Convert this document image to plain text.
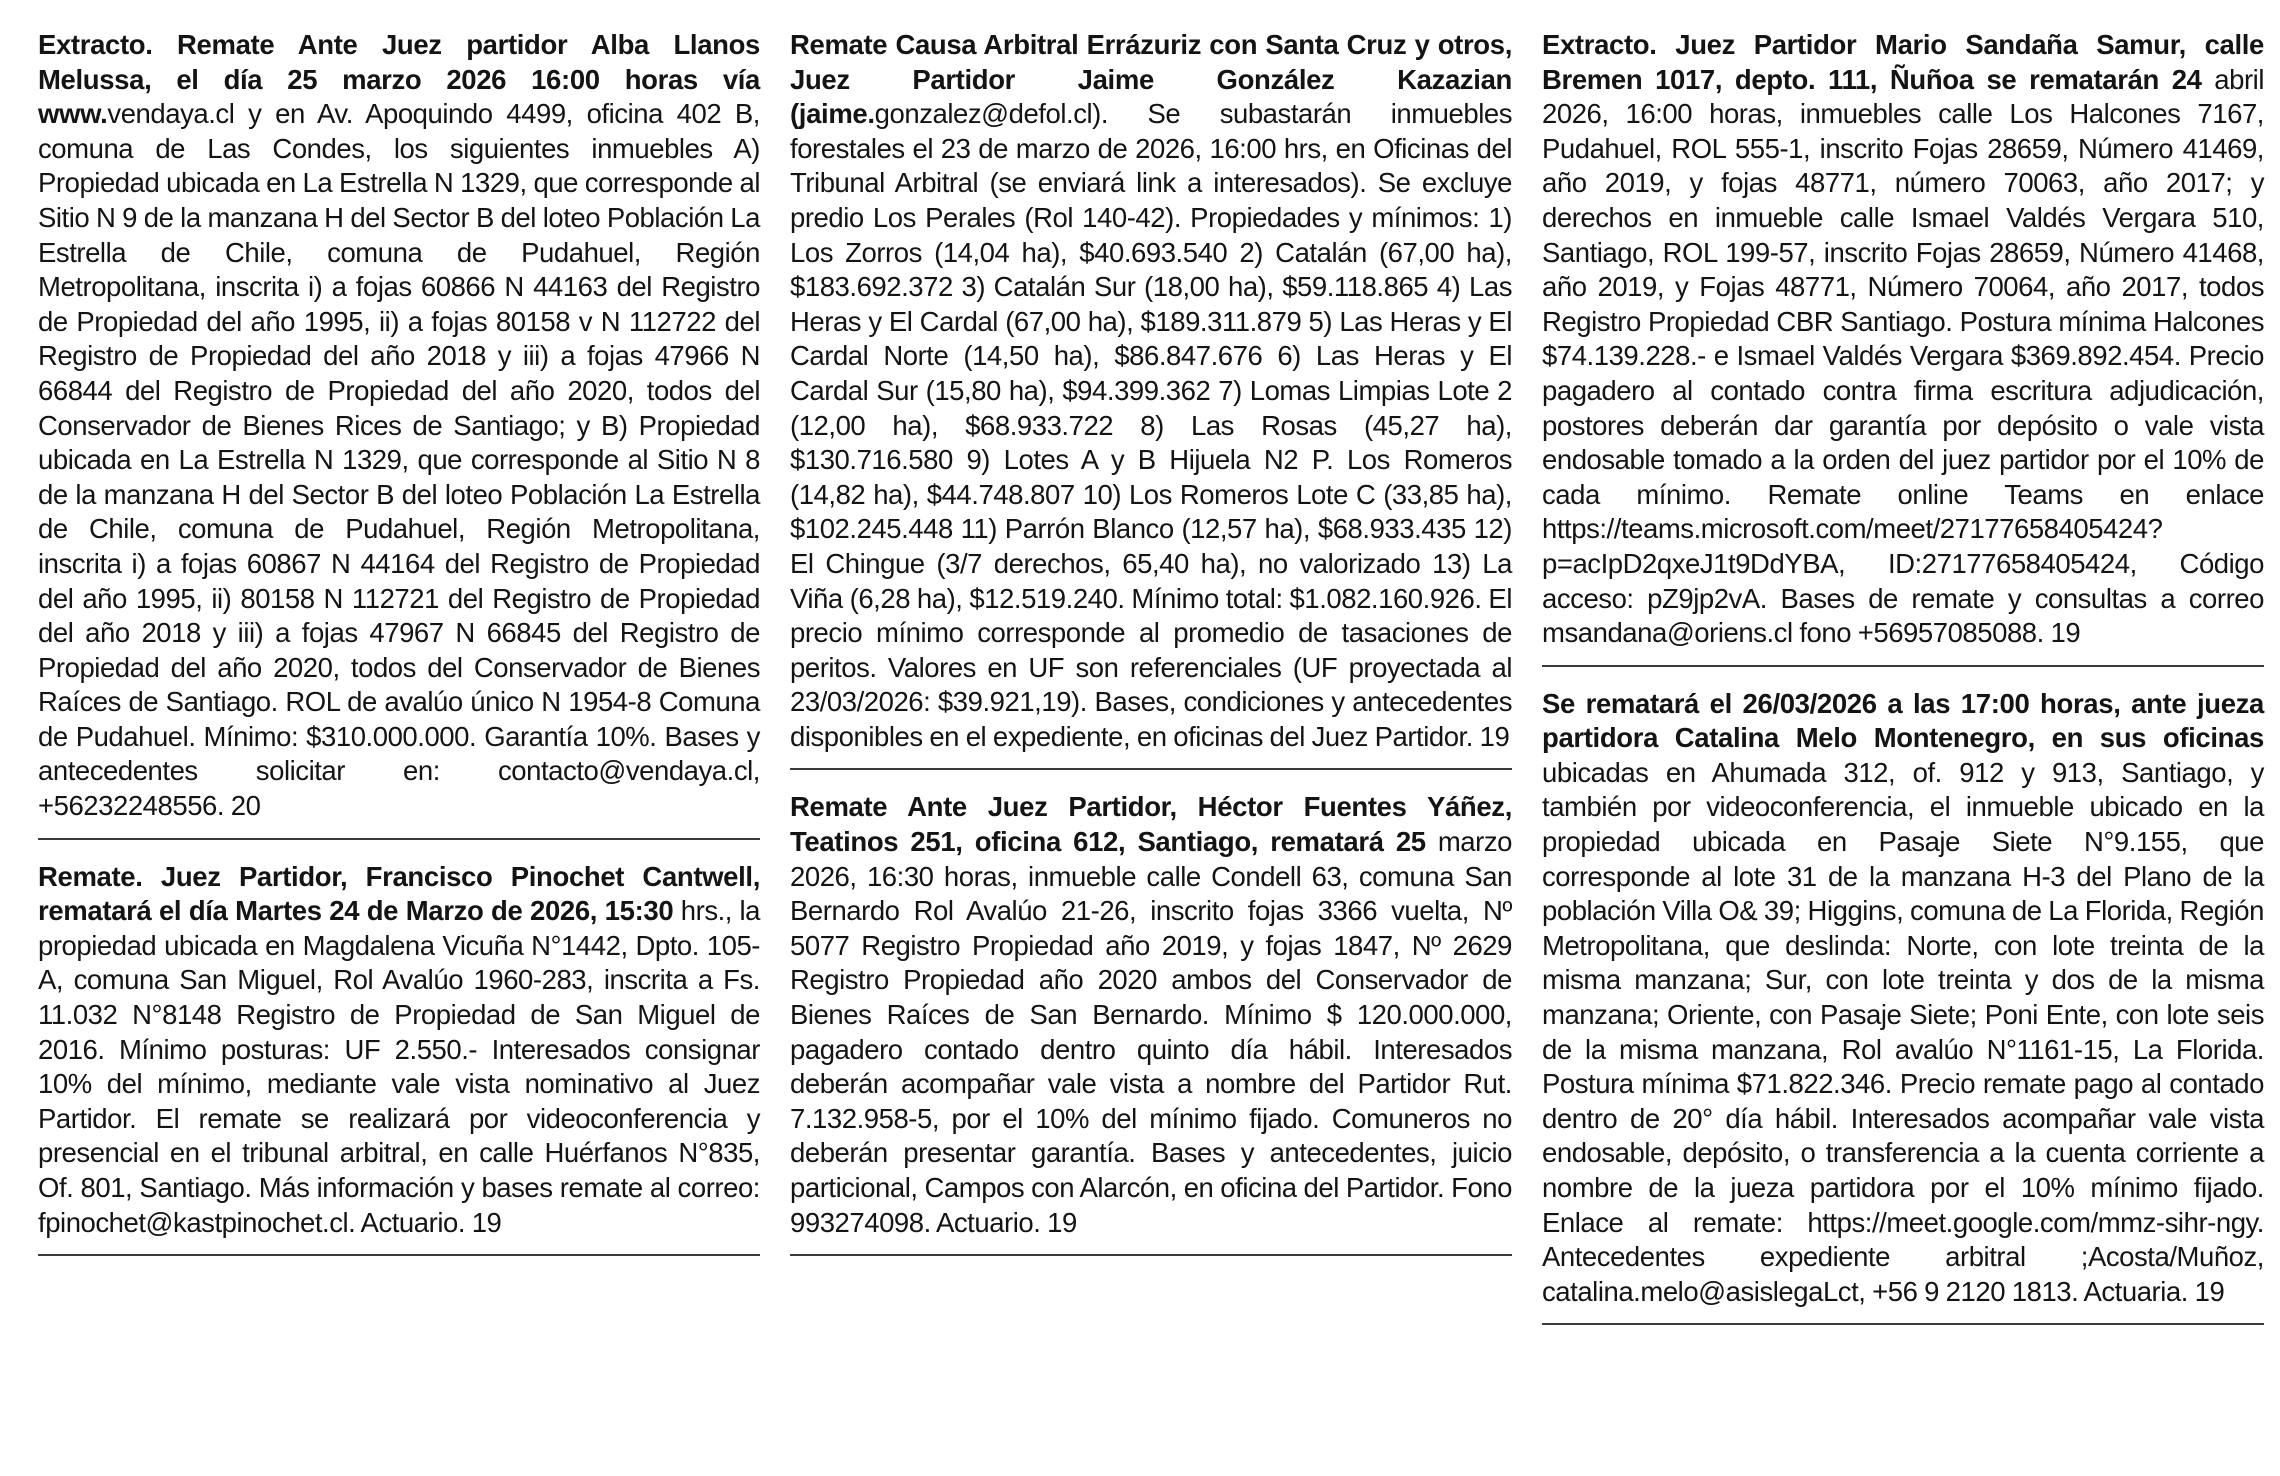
Extracto. Remate Ante Juez partidor Alba Llanos Melussa, el día 25 marzo 2026 16:00 horas vía www.vendaya.cl y en Av. Apoquindo 4499, oficina 402 B, comuna de Las Condes, los siguientes inmuebles A) Propiedad ubicada en La Estrella N 1329, que corresponde al Sitio N 9 de la manzana H del Sector B del loteo Población La Estrella de Chile, comuna de Pudahuel, Región Metropolitana, inscrita i) a fojas 60866 N 44163 del Registro de Propiedad del año 1995, ii) a fojas 80158 v N 112722 del Registro de Propiedad del año 2018 y iii) a fojas 47966 N 66844 del Registro de Propiedad del año 2020, todos del Conservador de Bienes Rices de Santiago; y B) Propiedad ubicada en La Estrella N 1329, que corresponde al Sitio N 8 de la manzana H del Sector B del loteo Población La Estrella de Chile, comuna de Pudahuel, Región Metropolitana, inscrita i) a fojas 60867 N 44164 del Registro de Propiedad del año 1995, ii) 80158 N 112721 del Registro de Propiedad del año 2018 y iii) a fojas 47967 N 66845 del Registro de Propiedad del año 2020, todos del Conservador de Bienes Raíces de Santiago. ROL de avalúo único N 1954-8 Comuna de Pudahuel. Mínimo: $310.000.000. Garantía 10%. Bases y antecedentes solicitar en: contacto@vendaya.cl, +56232248556. 20
Remate. Juez Partidor, Francisco Pinochet Cantwell, rematará el día Martes 24 de Marzo de 2026, 15:30 hrs., la propiedad ubicada en Magdalena Vicuña N°1442, Dpto. 105-A, comuna San Miguel, Rol Avalúo 1960-283, inscrita a Fs. 11.032 N°8148 Registro de Propiedad de San Miguel de 2016. Mínimo posturas: UF 2.550.- Interesados consignar 10% del mínimo, mediante vale vista nominativo al Juez Partidor. El remate se realizará por videoconferencia y presencial en el tribunal arbitral, en calle Huérfanos N°835, Of. 801, Santiago. Más información y bases remate al correo: fpinochet@kastpinochet.cl. Actuario. 19
Remate Causa Arbitral Errázuriz con Santa Cruz y otros, Juez Partidor Jaime González Kazazian (jaime.gonzalez@defol.cl). Se subastarán inmuebles forestales el 23 de marzo de 2026, 16:00 hrs, en Oficinas del Tribunal Arbitral (se enviará link a interesados). Se excluye predio Los Perales (Rol 140-42). Propiedades y mínimos: 1) Los Zorros (14,04 ha), $40.693.540 2) Catalán (67,00 ha), $183.692.372 3) Catalán Sur (18,00 ha), $59.118.865 4) Las Heras y El Cardal (67,00 ha), $189.311.879 5) Las Heras y El Cardal Norte (14,50 ha), $86.847.676 6) Las Heras y El Cardal Sur (15,80 ha), $94.399.362 7) Lomas Limpias Lote 2 (12,00 ha), $68.933.722 8) Las Rosas (45,27 ha), $130.716.580 9) Lotes A y B Hijuela N2 P. Los Romeros (14,82 ha), $44.748.807 10) Los Romeros Lote C (33,85 ha), $102.245.448 11) Parrón Blanco (12,57 ha), $68.933.435 12) El Chingue (3/7 derechos, 65,40 ha), no valorizado 13) La Viña (6,28 ha), $12.519.240. Mínimo total: $1.082.160.926. El precio mínimo corresponde al promedio de tasaciones de peritos. Valores en UF son referenciales (UF proyectada al 23/03/2026: $39.921,19). Bases, condiciones y antecedentes disponibles en el expediente, en oficinas del Juez Partidor. 19
Remate Ante Juez Partidor, Héctor Fuentes Yáñez, Teatinos 251, oficina 612, Santiago, rematará 25 marzo 2026, 16:30 horas, inmueble calle Condell 63, comuna San Bernardo Rol Avalúo 21-26, inscrito fojas 3366 vuelta, Nº 5077 Registro Propiedad año 2019, y fojas 1847, Nº 2629 Registro Propiedad año 2020 ambos del Conservador de Bienes Raíces de San Bernardo. Mínimo $ 120.000.000, pagadero contado dentro quinto día hábil. Interesados deberán acompañar vale vista a nombre del Partidor Rut. 7.132.958-5, por el 10% del mínimo fijado. Comuneros no deberán presentar garantía. Bases y antecedentes, juicio particional, Campos con Alarcón, en oficina del Partidor. Fono 993274098. Actuario. 19
Extracto. Juez Partidor Mario Sandaña Samur, calle Bremen 1017, depto. 111, Ñuñoa se rematarán 24 abril 2026, 16:00 horas, inmuebles calle Los Halcones 7167, Pudahuel, ROL 555-1, inscrito Fojas 28659, Número 41469, año 2019, y fojas 48771, número 70063, año 2017; y derechos en inmueble calle Ismael Valdés Vergara 510, Santiago, ROL 199-57, inscrito Fojas 28659, Número 41468, año 2019, y Fojas 48771, Número 70064, año 2017, todos Registro Propiedad CBR Santiago. Postura mínima Halcones $74.139.228.- e Ismael Valdés Vergara $369.892.454. Precio pagadero al contado contra firma escritura adjudicación, postores deberán dar garantía por depósito o vale vista endosable tomado a la orden del juez partidor por el 10% de cada mínimo. Remate online Teams en enlace https://teams.microsoft.com/meet/27177658405424?p=acIpD2qxeJ1t9DdYBA, ID:27177658405424, Código acceso: pZ9jp2vA. Bases de remate y consultas a correo msandana@oriens.cl fono +56957085088. 19
Se rematará el 26/03/2026 a las 17:00 horas, ante jueza partidora Catalina Melo Montenegro, en sus oficinas ubicadas en Ahumada 312, of. 912 y 913, Santiago, y también por videoconferencia, el inmueble ubicado en la propiedad ubicada en Pasaje Siete N°9.155, que corresponde al lote 31 de la manzana H-3 del Plano de la población Villa O& 39; Higgins, comuna de La Florida, Región Metropolitana, que deslinda: Norte, con lote treinta de la misma manzana; Sur, con lote treinta y dos de la misma manzana; Oriente, con Pasaje Siete; Poni Ente, con lote seis de la misma manzana, Rol avalúo N°1161-15, La Florida. Postura mínima $71.822.346. Precio remate pago al contado dentro de 20° día hábil. Interesados acompañar vale vista endosable, depósito, o transferencia a la cuenta corriente a nombre de la jueza partidora por el 10% mínimo fijado. Enlace al remate: https://meet.google.com/mmz-sihr-ngy. Antecedentes expediente arbitral ;Acosta/Muñoz, catalina.melo@asislegaLct, +56 9 2120 1813. Actuaria. 19
